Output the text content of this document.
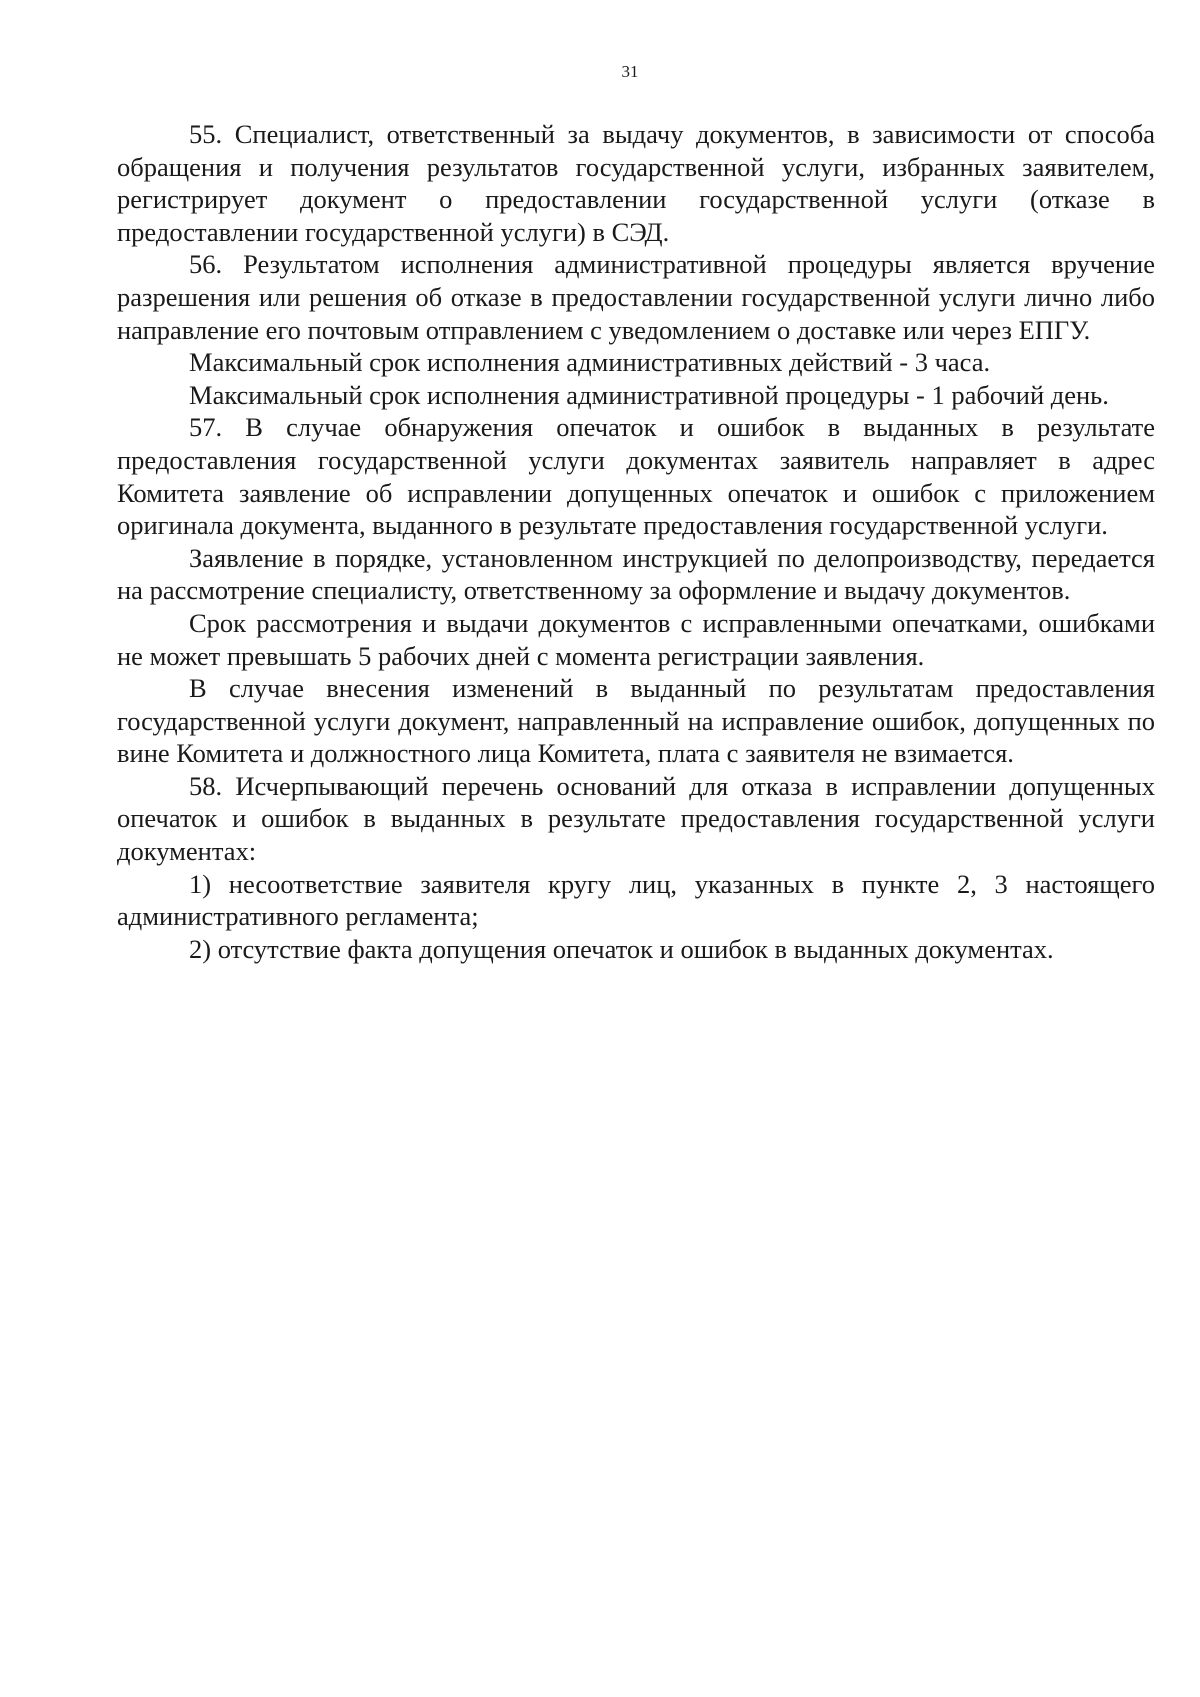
31

55. Специалист, ответственный за выдачу документов, в зависимости от способа обращения и получения результатов государственной услуги, избранных заявителем, регистрирует документ о предоставлении государственной услуги (отказе в предоставлении государственной услуги) в СЭД.

56. Результатом исполнения административной процедуры является вручение разрешения или решения об отказе в предоставлении государственной услуги лично либо направление его почтовым отправлением с уведомлением о доставке или через ЕПГУ.

Максимальный срок исполнения административных действий - 3 часа.

Максимальный срок исполнения административной процедуры - 1 рабочий день.

57. В случае обнаружения опечаток и ошибок в выданных в результате предоставления государственной услуги документах заявитель направляет в адрес Комитета заявление об исправлении допущенных опечаток и ошибок с приложением оригинала документа, выданного в результате предоставления государственной услуги.

Заявление в порядке, установленном инструкцией по делопроизводству, передается на рассмотрение специалисту, ответственному за оформление и выдачу документов.

Срок рассмотрения и выдачи документов с исправленными опечатками, ошибками не может превышать 5 рабочих дней с момента регистрации заявления.

В случае внесения изменений в выданный по результатам предоставления государственной услуги документ, направленный на исправление ошибок, допущенных по вине Комитета и должностного лица Комитета, плата с заявителя не взимается.

58. Исчерпывающий перечень оснований для отказа в исправлении допущенных опечаток и ошибок в выданных в результате предоставления государственной услуги документах:

1) несоответствие заявителя кругу лиц, указанных в пункте 2, 3 настоящего административного регламента;

2) отсутствие факта допущения опечаток и ошибок в выданных документах.
